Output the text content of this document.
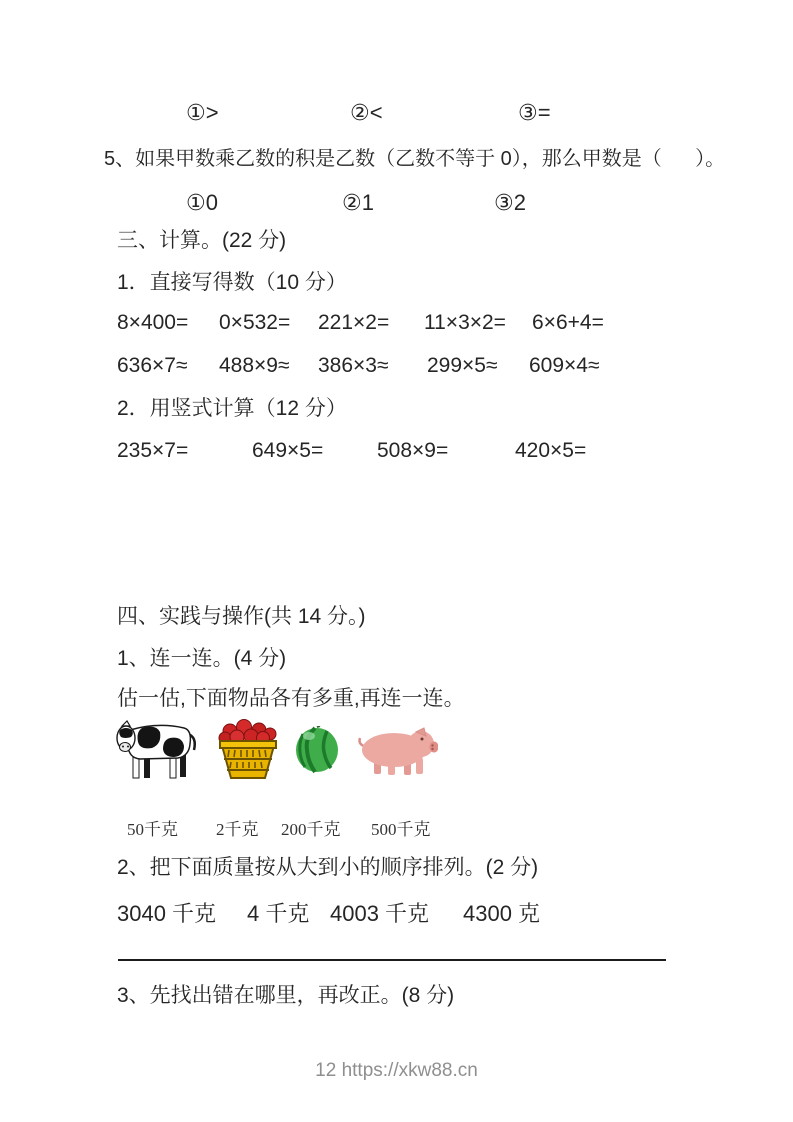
①>	②<	③=
5、如果甲数乘乙数的积是乙数（乙数不等于 0），那么甲数是（      ）。
①0	②1	③2
三、计算。(22 分)
1．直接写得数（10 分）
8×400= 0×532= 221×2= 11×3×2= 6×6+4=
636×7≈ 488×9≈ 386×3≈ 299×5≈ 609×4≈
2．用竖式计算（12 分）
235×7=	649×5=	508×9=	420×5=
四、实践与操作(共 14 分。)
1、连一连。(4 分)
估一估,下面物品各有多重,再连一连。
50千克 2千克 200千克 500千克
2、把下面质量按从大到小的顺序排列。(2 分)
3040 千克 4 千克 4003 千克 4300 克
3、先找出错在哪里，再改正。(8 分)
12 https://xkw88.cn
